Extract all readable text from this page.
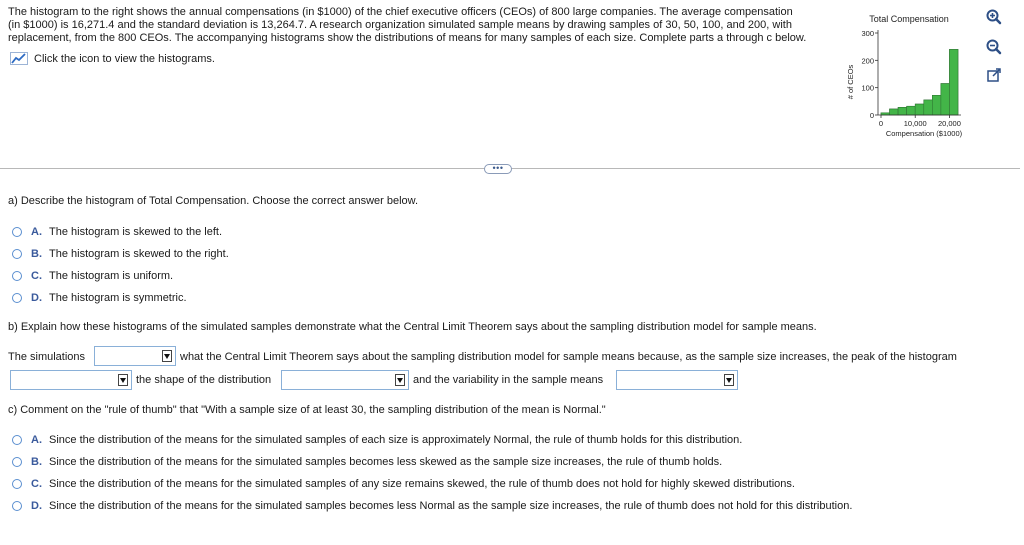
The histogram to the right shows the annual compensations (in $1000) of the chief executive officers (CEOs) of 800 large companies. The average compensation

(in $1000) is 16,271.4 and the standard deviation is 13,264.7. A research organization simulated sample means by drawing samples of 30, 50, 100, and 200, with

replacement, from the 800 CEOs. The accompanying histograms show the distributions of means for many samples of each size. Complete parts a through c below.

Click the icon to view the histograms.
Total Compensation
# of CEOs
Compensation ($1000)
0
100
200
300
0	10,000 20,000
•••
a) Describe the histogram of Total Compensation. Choose the correct answer below.
A. The histogram is skewed to the left.
B. The histogram is skewed to the right.
C. The histogram is uniform.
D. The histogram is symmetric.
b) Explain how these histograms of the simulated samples demonstrate what the Central Limit Theorem says about the sampling distribution model for sample means.
The simulations	what the Central Limit Theorem says about the sampling distribution model for sample means because, as the sample size increases, the peak of the histogram
the shape of the distribution	and the variability in the sample means
c) Comment on the "rule of thumb" that "With a sample size of at least 30, the sampling distribution of the mean is Normal."
A. Since the distribution of the means for the simulated samples of each size is approximately Normal, the rule of thumb holds for this distribution.
B. Since the distribution of the means for the simulated samples becomes less skewed as the sample size increases, the rule of thumb holds.
C. Since the distribution of the means for the simulated samples of any size remains skewed, the rule of thumb does not hold for highly skewed distributions.
D. Since the distribution of the means for the simulated samples becomes less Normal as the sample size increases, the rule of thumb does not hold for this distribution.
